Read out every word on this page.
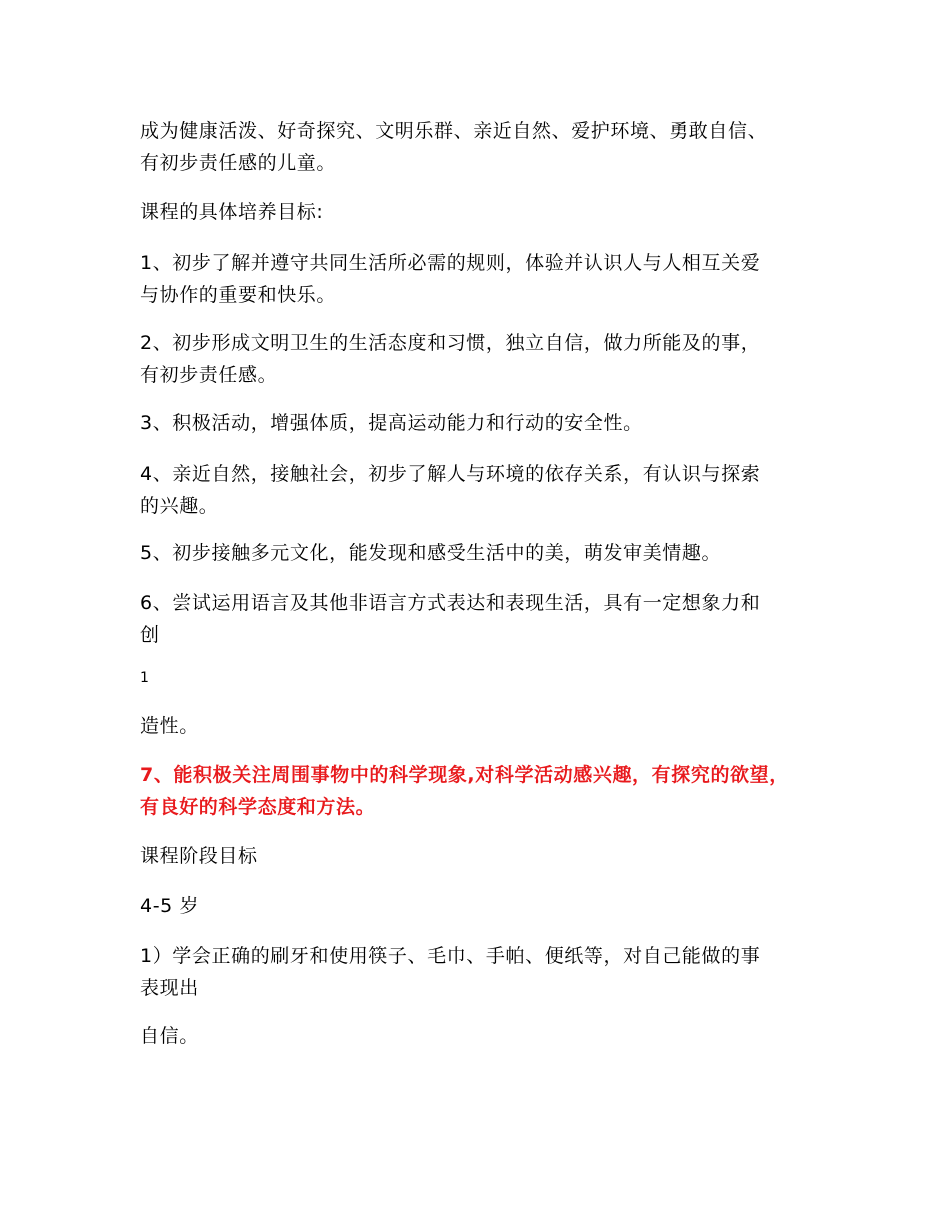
成为健康活泼、好奇探究、文明乐群、亲近自然、爱护环境、勇敢自信、
有初步责任感的儿童。
课程的具体培养目标:
1、初步了解并遵守共同生活所必需的规则，体验并认识人与人相互关爱
与协作的重要和快乐。
2、初步形成文明卫生的生活态度和习惯，独立自信，做力所能及的事，
有初步责任感。
3、积极活动，增强体质，提高运动能力和行动的安全性。
4、亲近自然，接触社会，初步了解人与环境的依存关系，有认识与探索
的兴趣。
5、初步接触多元文化，能发现和感受生活中的美，萌发审美情趣。
6、尝试运用语言及其他非语言方式表达和表现生活，具有一定想象力和
创
1
造性。
7、能积极关注周围事物中的科学现象,对科学活动感兴趣，有探究的欲望，
有良好的科学态度和方法。
课程阶段目标
4-5 岁
1）学会正确的刷牙和使用筷子、毛巾、手帕、便纸等，对自己能做的事
表现出
自信。
